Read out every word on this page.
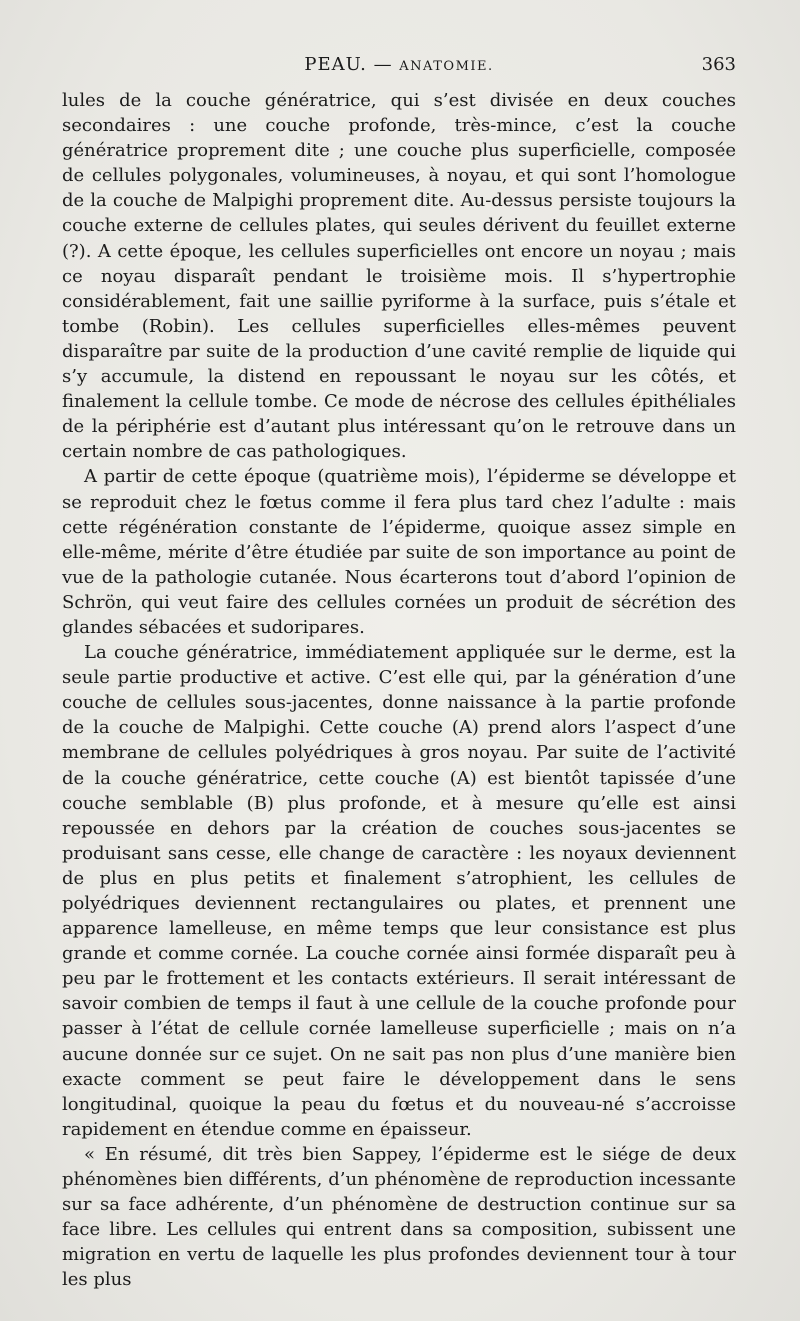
PEAU. — ANATOMIE.	363

lules de la couche génératrice, qui s’est divisée en deux couches secondaires : une couche profonde, très-mince, c’est la couche génératrice proprement dite ; une couche plus superficielle, composée de cellules polygonales, volumineuses, à noyau, et qui sont l’homologue de la couche de Malpighi proprement dite. Au-dessus persiste toujours la couche externe de cellules plates, qui seules dérivent du feuillet externe (?). A cette époque, les cellules superficielles ont encore un noyau ; mais ce noyau disparaît pendant le troisième mois. Il s’hypertrophie considérablement, fait une saillie pyriforme à la surface, puis s’étale et tombe (Robin). Les cellules superficielles elles-mêmes peuvent disparaître par suite de la production d’une cavité remplie de liquide qui s’y accumule, la distend en repoussant le noyau sur les côtés, et finalement la cellule tombe. Ce mode de nécrose des cellules épithéliales de la périphérie est d’autant plus intéressant qu’on le retrouve dans un certain nombre de cas pathologiques.

A partir de cette époque (quatrième mois), l’épiderme se développe et se reproduit chez le fœtus comme il fera plus tard chez l’adulte : mais cette régénération constante de l’épiderme, quoique assez simple en elle-même, mérite d’être étudiée par suite de son importance au point de vue de la pathologie cutanée. Nous écarterons tout d’abord l’opinion de Schrön, qui veut faire des cellules cornées un produit de sécrétion des glandes sébacées et sudoripares.

La couche génératrice, immédiatement appliquée sur le derme, est la seule partie productive et active. C’est elle qui, par la génération d’une couche de cellules sous-jacentes, donne naissance à la partie profonde de la couche de Malpighi. Cette couche (A) prend alors l’aspect d’une membrane de cellules polyédriques à gros noyau. Par suite de l’activité de la couche génératrice, cette couche (A) est bientôt tapissée d’une couche semblable (B) plus profonde, et à mesure qu’elle est ainsi repoussée en dehors par la création de couches sous-jacentes se produisant sans cesse, elle change de caractère : les noyaux deviennent de plus en plus petits et finalement s’atrophient, les cellules de polyédriques deviennent rectangulaires ou plates, et prennent une apparence lamelleuse, en même temps que leur consistance est plus grande et comme cornée. La couche cornée ainsi formée disparaît peu à peu par le frottement et les contacts extérieurs. Il serait intéressant de savoir combien de temps il faut à une cellule de la couche profonde pour passer à l’état de cellule cornée lamelleuse superficielle ; mais on n’a aucune donnée sur ce sujet. On ne sait pas non plus d’une manière bien exacte comment se peut faire le développement dans le sens longitudinal, quoique la peau du fœtus et du nouveau-né s’accroisse rapidement en étendue comme en épaisseur.

« En résumé, dit très bien Sappey, l’épiderme est le siége de deux phénomènes bien différents, d’un phénomène de reproduction incessante sur sa face adhérente, d’un phénomène de destruction continue sur sa face libre. Les cellules qui entrent dans sa composition, subissent une migration en vertu de laquelle les plus profondes deviennent tour à tour les plus
